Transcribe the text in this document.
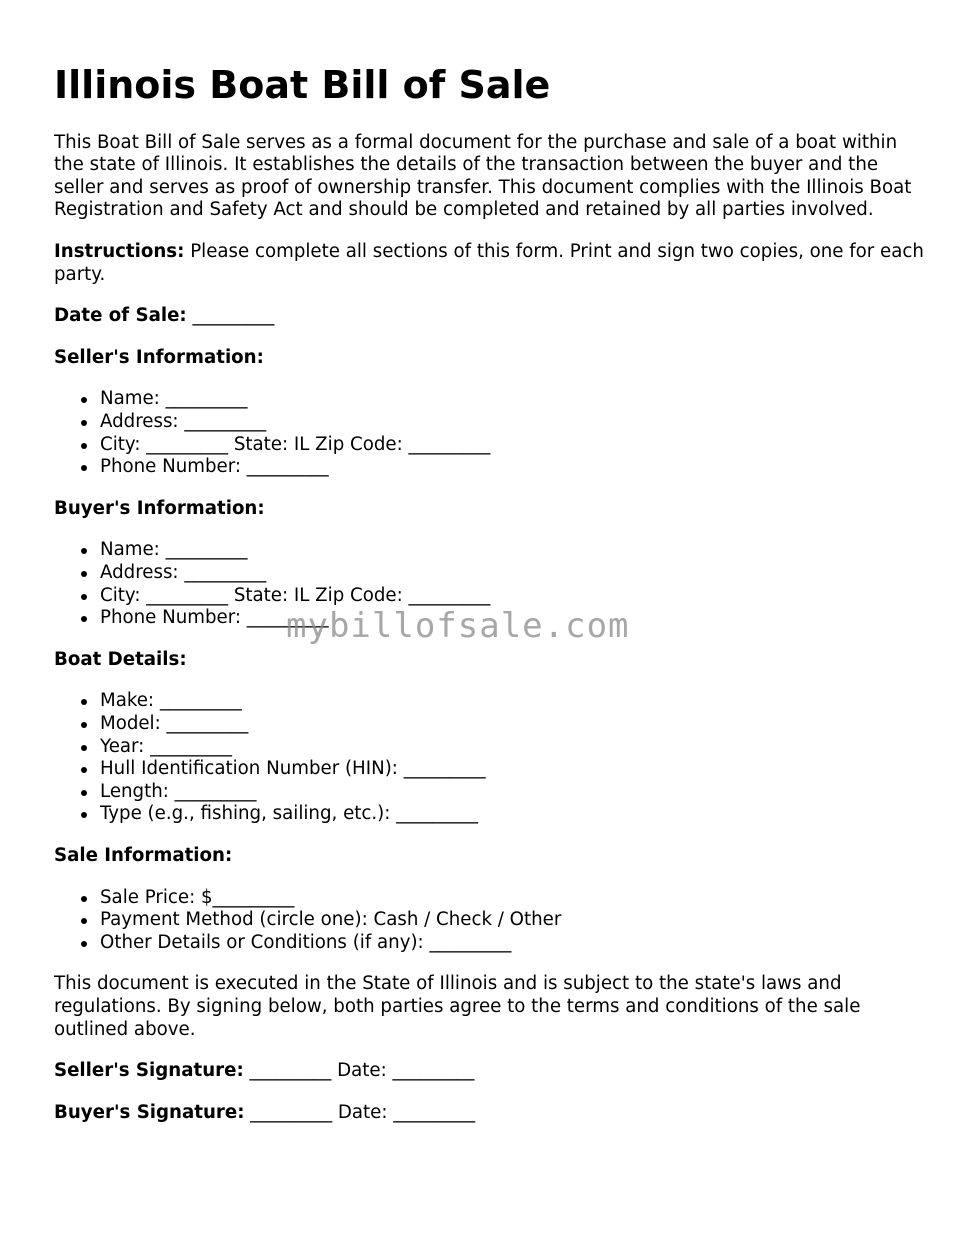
Illinois Boat Bill of Sale

This Boat Bill of Sale serves as a formal document for the purchase and sale of a boat within the state of Illinois. It establishes the details of the transaction between the buyer and the seller and serves as proof of ownership transfer. This document complies with the Illinois Boat Registration and Safety Act and should be completed and retained by all parties involved.

Instructions: Please complete all sections of this form. Print and sign two copies, one for each party.

Date of Sale: _________

Seller's Information:

Name: _________
Address: _________
City: _________ State: IL Zip Code: _________
Phone Number: _________

Buyer's Information:

Name: _________
Address: _________
City: _________ State: IL Zip Code: _________
Phone Number: _________

Boat Details:

Make: _________
Model: _________
Year: _________
Hull Identification Number (HIN): _________
Length: _________
Type (e.g., fishing, sailing, etc.): _________

Sale Information:

Sale Price: $_________
Payment Method (circle one): Cash / Check / Other
Other Details or Conditions (if any): _________

This document is executed in the State of Illinois and is subject to the state's laws and regulations. By signing below, both parties agree to the terms and conditions of the sale outlined above.

Seller's Signature: _________ Date: _________

Buyer's Signature: _________ Date: _________

mybillofsale.com
